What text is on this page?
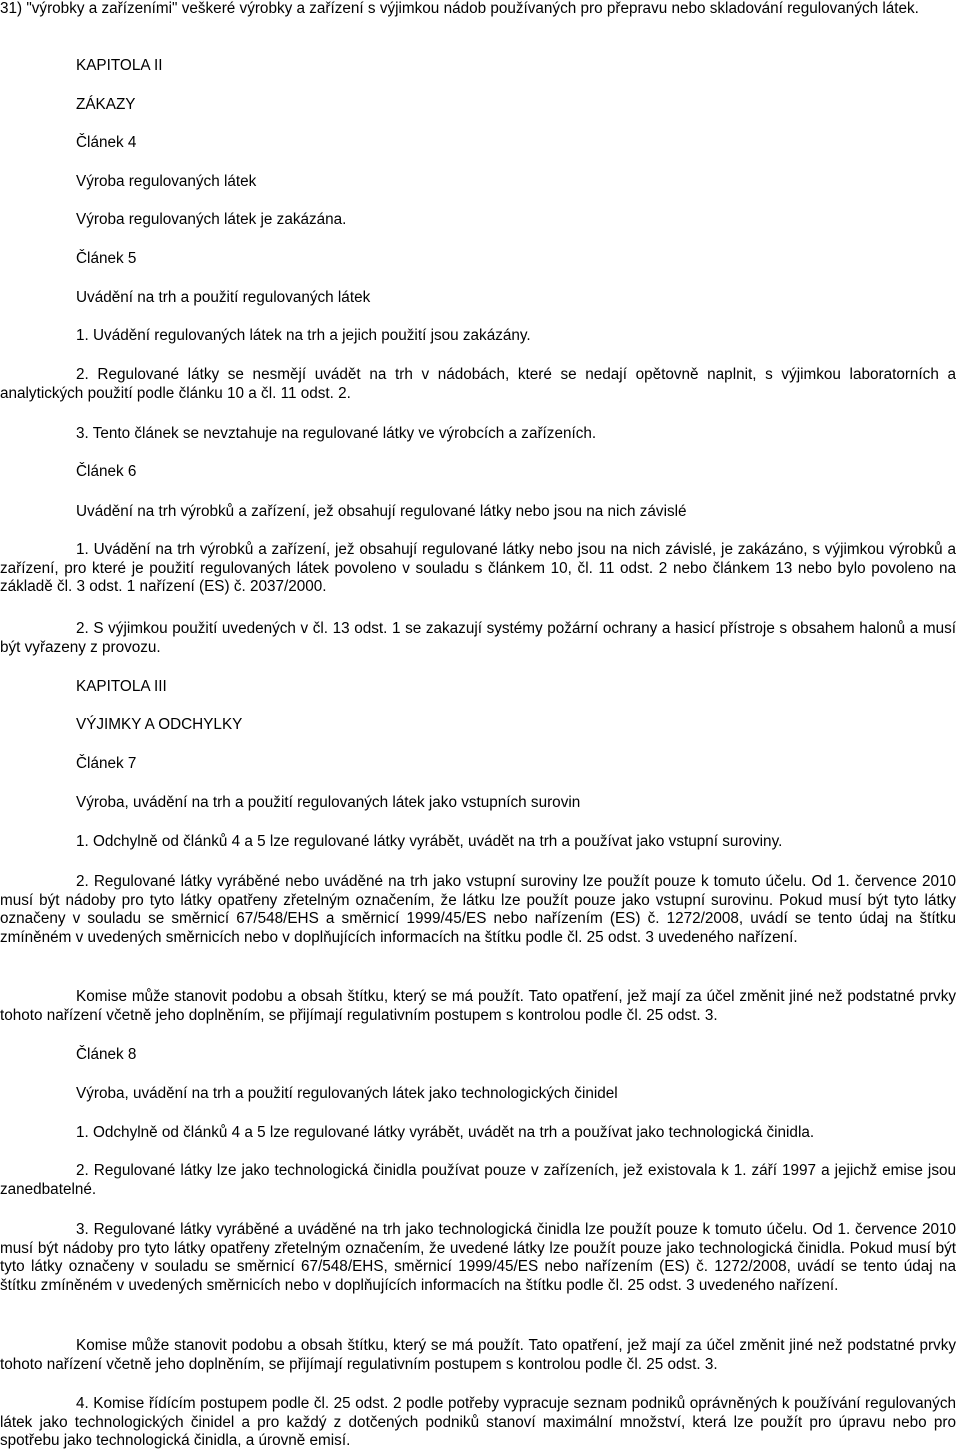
31) "výrobky a zařízeními" veškeré výrobky a zařízení s výjimkou nádob používaných pro přepravu nebo skladování regulovaných látek.

KAPITOLA II

ZÁKAZY

Článek 4

Výroba regulovaných látek

Výroba regulovaných látek je zakázána.

Článek 5

Uvádění na trh a použití regulovaných látek

1. Uvádění regulovaných látek na trh a jejich použití jsou zakázány.

2. Regulované látky se nesmějí uvádět na trh v nádobách, které se nedají opětovně naplnit, s výjimkou laboratorních a analytických použití podle článku 10 a čl. 11 odst. 2.

3. Tento článek se nevztahuje na regulované látky ve výrobcích a zařízeních.

Článek 6

Uvádění na trh výrobků a zařízení, jež obsahují regulované látky nebo jsou na nich závislé

1. Uvádění na trh výrobků a zařízení, jež obsahují regulované látky nebo jsou na nich závislé, je zakázáno, s výjimkou výrobků a zařízení, pro které je použití regulovaných látek povoleno v souladu s článkem 10, čl. 11 odst. 2 nebo článkem 13 nebo bylo povoleno na základě čl. 3 odst. 1 nařízení (ES) č. 2037/2000.

2. S výjimkou použití uvedených v čl. 13 odst. 1 se zakazují systémy požární ochrany a hasicí přístroje s obsahem halonů a musí být vyřazeny z provozu.

KAPITOLA III

VÝJIMKY A ODCHYLKY

Článek 7

Výroba, uvádění na trh a použití regulovaných látek jako vstupních surovin

1. Odchylně od článků 4 a 5 lze regulované látky vyrábět, uvádět na trh a používat jako vstupní suroviny.

2. Regulované látky vyráběné nebo uváděné na trh jako vstupní suroviny lze použít pouze k tomuto účelu. Od 1. července 2010 musí být nádoby pro tyto látky opatřeny zřetelným označením, že látku lze použít pouze jako vstupní surovinu. Pokud musí být tyto látky označeny v souladu se směrnicí 67/548/EHS a směrnicí 1999/45/ES nebo nařízením (ES) č. 1272/2008, uvádí se tento údaj na štítku zmíněném v uvedených směrnicích nebo v doplňujících informacích na štítku podle čl. 25 odst. 3 uvedeného nařízení.

Komise může stanovit podobu a obsah štítku, který se má použít. Tato opatření, jež mají za účel změnit jiné než podstatné prvky tohoto nařízení včetně jeho doplněním, se přijímají regulativním postupem s kontrolou podle čl. 25 odst. 3.

Článek 8

Výroba, uvádění na trh a použití regulovaných látek jako technologických činidel

1. Odchylně od článků 4 a 5 lze regulované látky vyrábět, uvádět na trh a používat jako technologická činidla.

2. Regulované látky lze jako technologická činidla používat pouze v zařízeních, jež existovala k 1. září 1997 a jejichž emise jsou zanedbatelné.

3. Regulované látky vyráběné a uváděné na trh jako technologická činidla lze použít pouze k tomuto účelu. Od 1. července 2010 musí být nádoby pro tyto látky opatřeny zřetelným označením, že uvedené látky lze použít pouze jako technologická činidla. Pokud musí být tyto látky označeny v souladu se směrnicí 67/548/EHS, směrnicí 1999/45/ES nebo nařízením (ES) č. 1272/2008, uvádí se tento údaj na štítku zmíněném v uvedených směrnicích nebo v doplňujících informacích na štítku podle čl. 25 odst. 3 uvedeného nařízení.

Komise může stanovit podobu a obsah štítku, který se má použít. Tato opatření, jež mají za účel změnit jiné než podstatné prvky tohoto nařízení včetně jeho doplněním, se přijímají regulativním postupem s kontrolou podle čl. 25 odst. 3.

4. Komise řídícím postupem podle čl. 25 odst. 2 podle potřeby vypracuje seznam podniků oprávněných k používání regulovaných látek jako technologických činidel a pro každý z dotčených podniků stanoví maximální množství, která lze použít pro úpravu nebo pro spotřebu jako technologická činidla, a úrovně emisí.
